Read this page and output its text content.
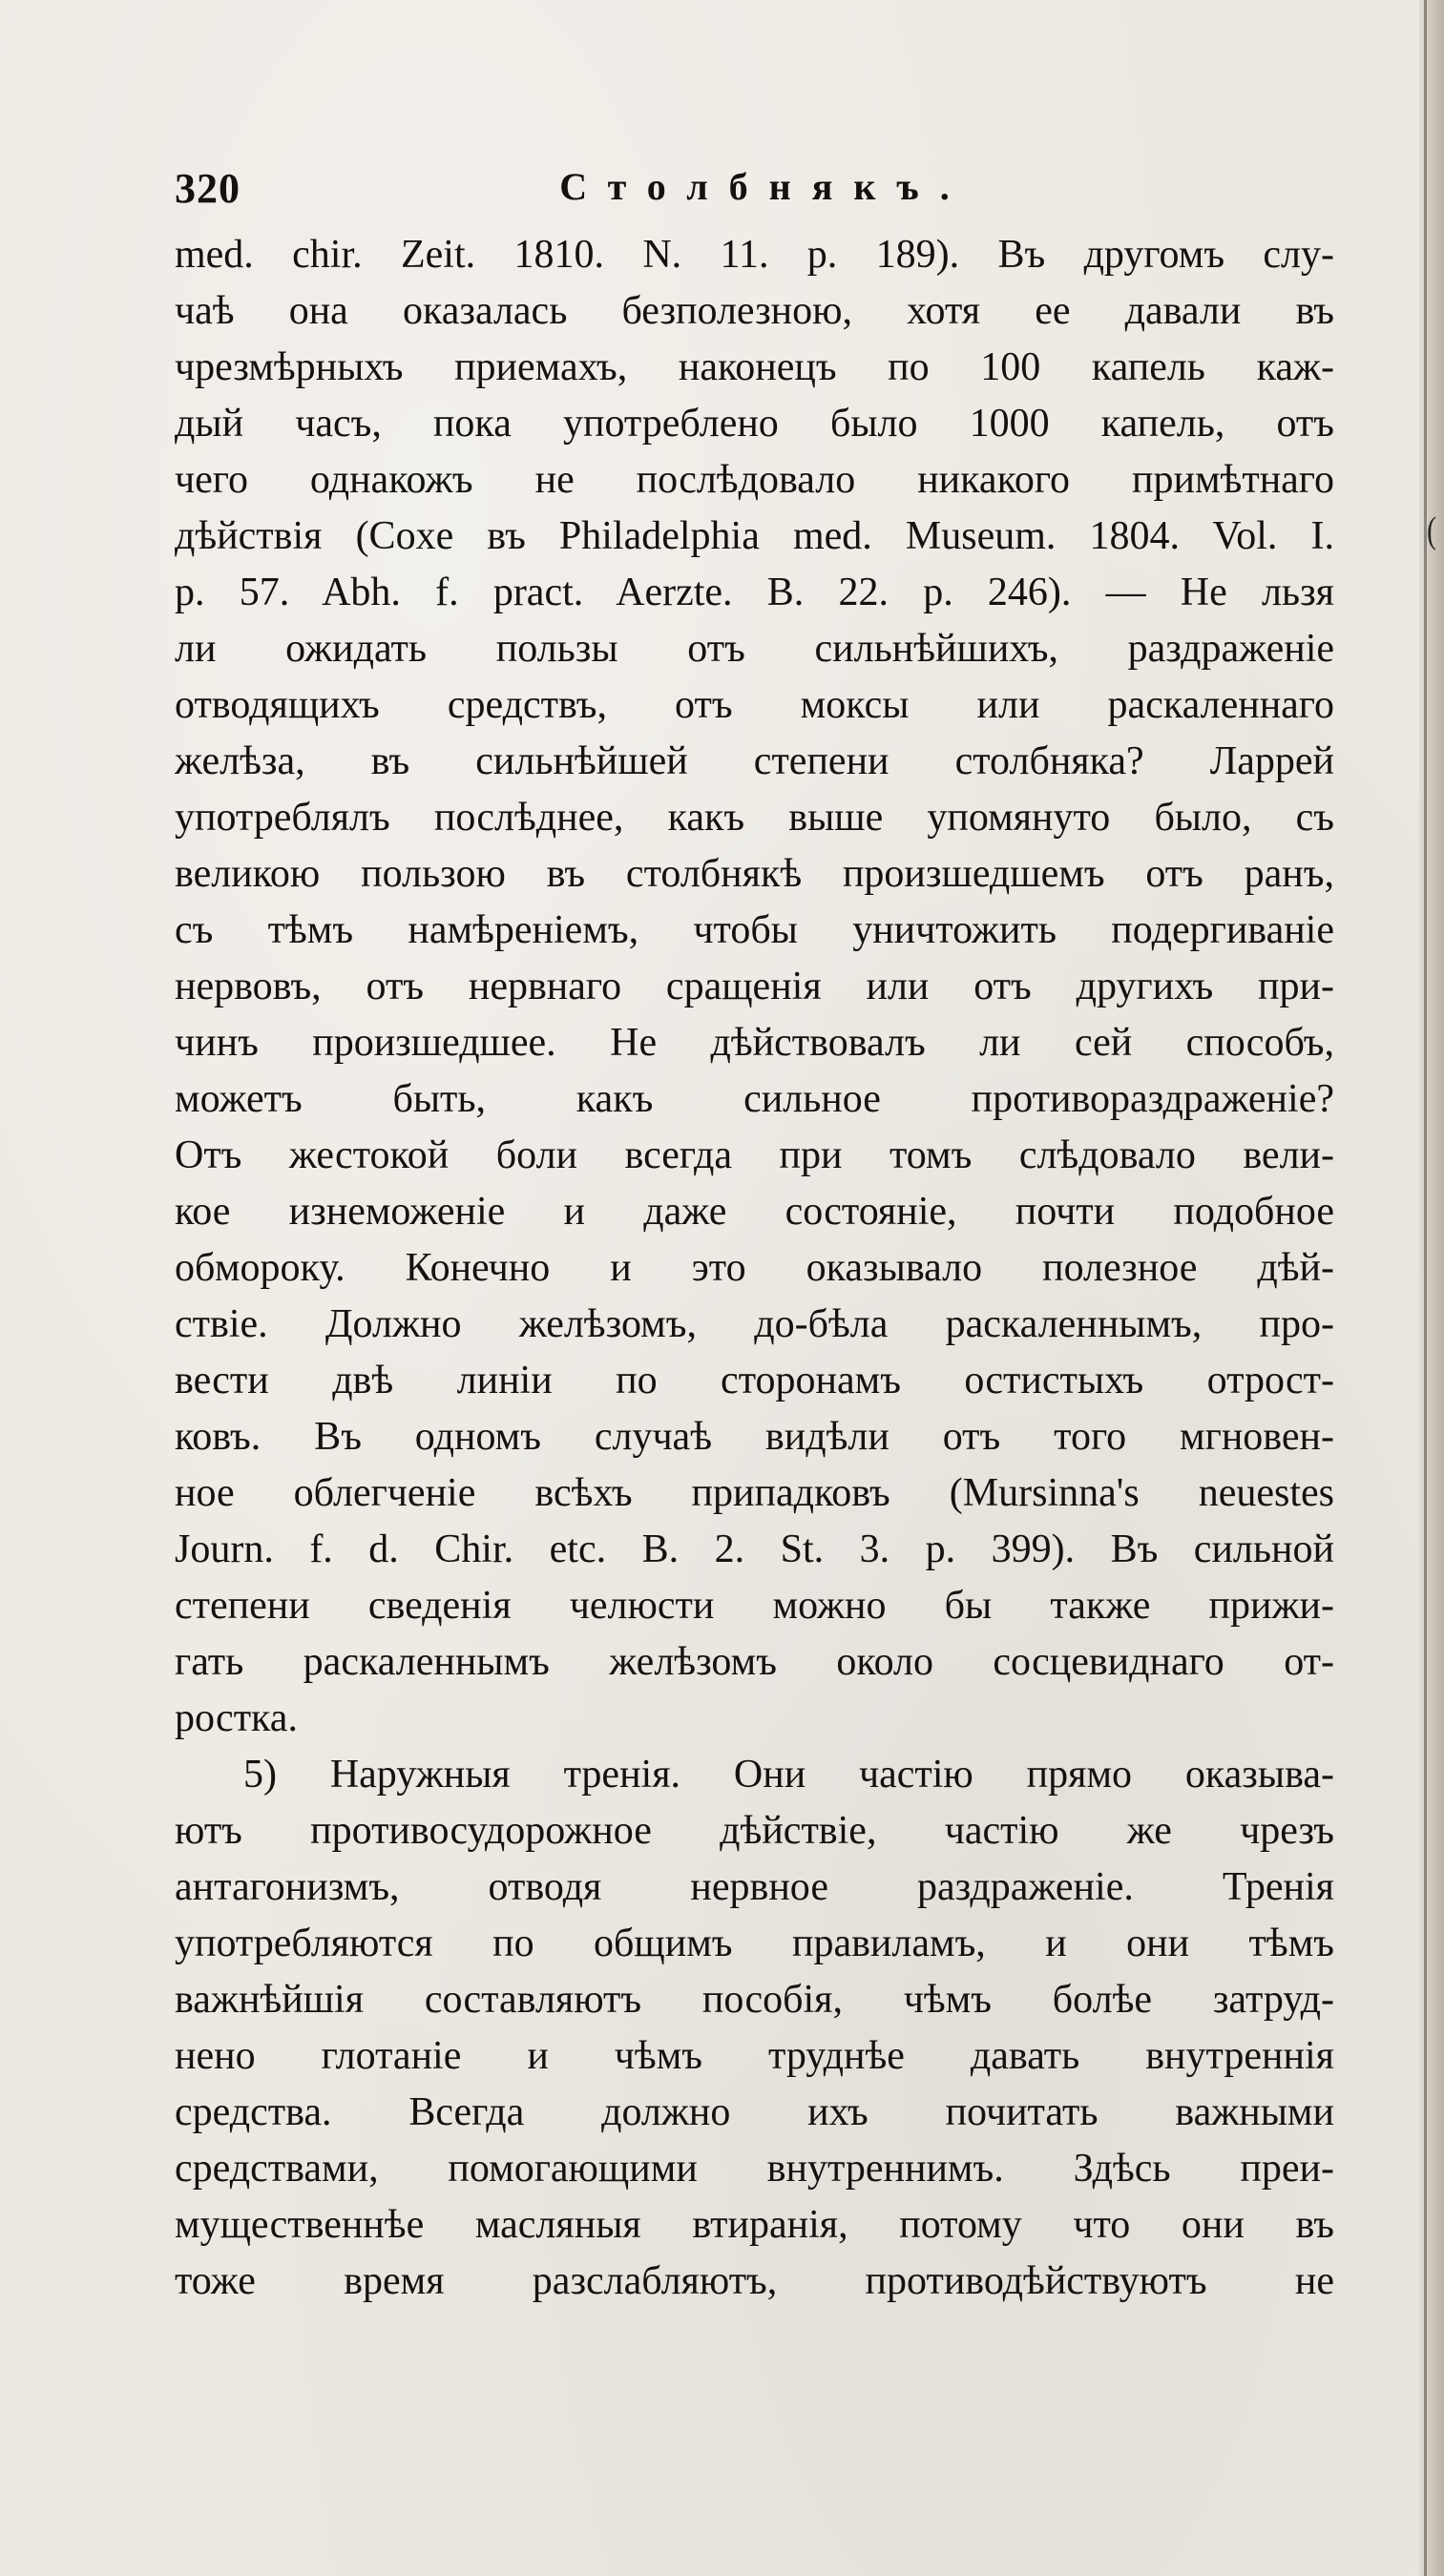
(
320	Столбнякъ.
med. chir. Zeit. 1810. N. 11. p. 189). Въ другомъ слу-
чаѣ она оказалась безполезною, хотя ее давали въ
чрезмѣрныхъ приемахъ, наконецъ по 100 капель каж-
дый часъ, пока употреблено было 1000 капель, отъ
чего однакожъ не послѣдовало никакого примѣтнаго
дѣйствія (Coxe въ Philadelphia med. Museum. 1804. Vol. I.
p. 57. Abh. f. pract. Aerzte. B. 22. p. 246). — Не льзя
ли ожидать пользы отъ сильнѣйшихъ, раздраженіе
отводящихъ средствъ, отъ моксы или раскаленнаго
желѣза, въ сильнѣйшей степени столбняка? Ларрей
употреблялъ послѣднее, какъ выше упомянуто было, съ
великою пользою въ столбнякѣ произшедшемъ отъ ранъ,
съ тѣмъ намѣреніемъ, чтобы уничтожить подергиваніе
нервовъ, отъ нервнаго сращенія или отъ другихъ при-
чинъ произшедшее. Не дѣйствовалъ ли сей способъ,
можетъ быть, какъ сильное противораздраженіе?
Отъ жестокой боли всегда при томъ слѣдовало вели-
кое изнеможеніе и даже состояніе, почти подобное
обмороку. Конечно и это оказывало полезное дѣй-
ствіе. Должно желѣзомъ, до-бѣла раскаленнымъ, про-
вести двѣ линіи по сторонамъ остистыхъ отрост-
ковъ. Въ одномъ случаѣ видѣли отъ того мгновен-
ное облегченіе всѣхъ припадковъ (Mursinna's neuestes
Journ. f. d. Chir. etc. B. 2. St. 3. p. 399). Въ сильной
степени сведенія челюсти можно бы также прижи-
гать раскаленнымъ желѣзомъ около сосцевиднаго от-
ростка.
5) Наружныя тренія. Они частію прямо оказыва-
ютъ противосудорожное дѣйствіе, частію же чрезъ
антагонизмъ, отводя нервное раздраженіе. Тренія
употребляются по общимъ правиламъ, и они тѣмъ
важнѣйшія составляютъ пособія, чѣмъ болѣе затруд-
нено глотаніе и чѣмъ труднѣе давать внутреннія
средства. Всегда должно ихъ почитать важными
средствами, помогающими внутреннимъ. Здѣсь преи-
мущественнѣе масляныя втиранія, потому что они въ
тоже время разслабляютъ, противодѣйствуютъ не
